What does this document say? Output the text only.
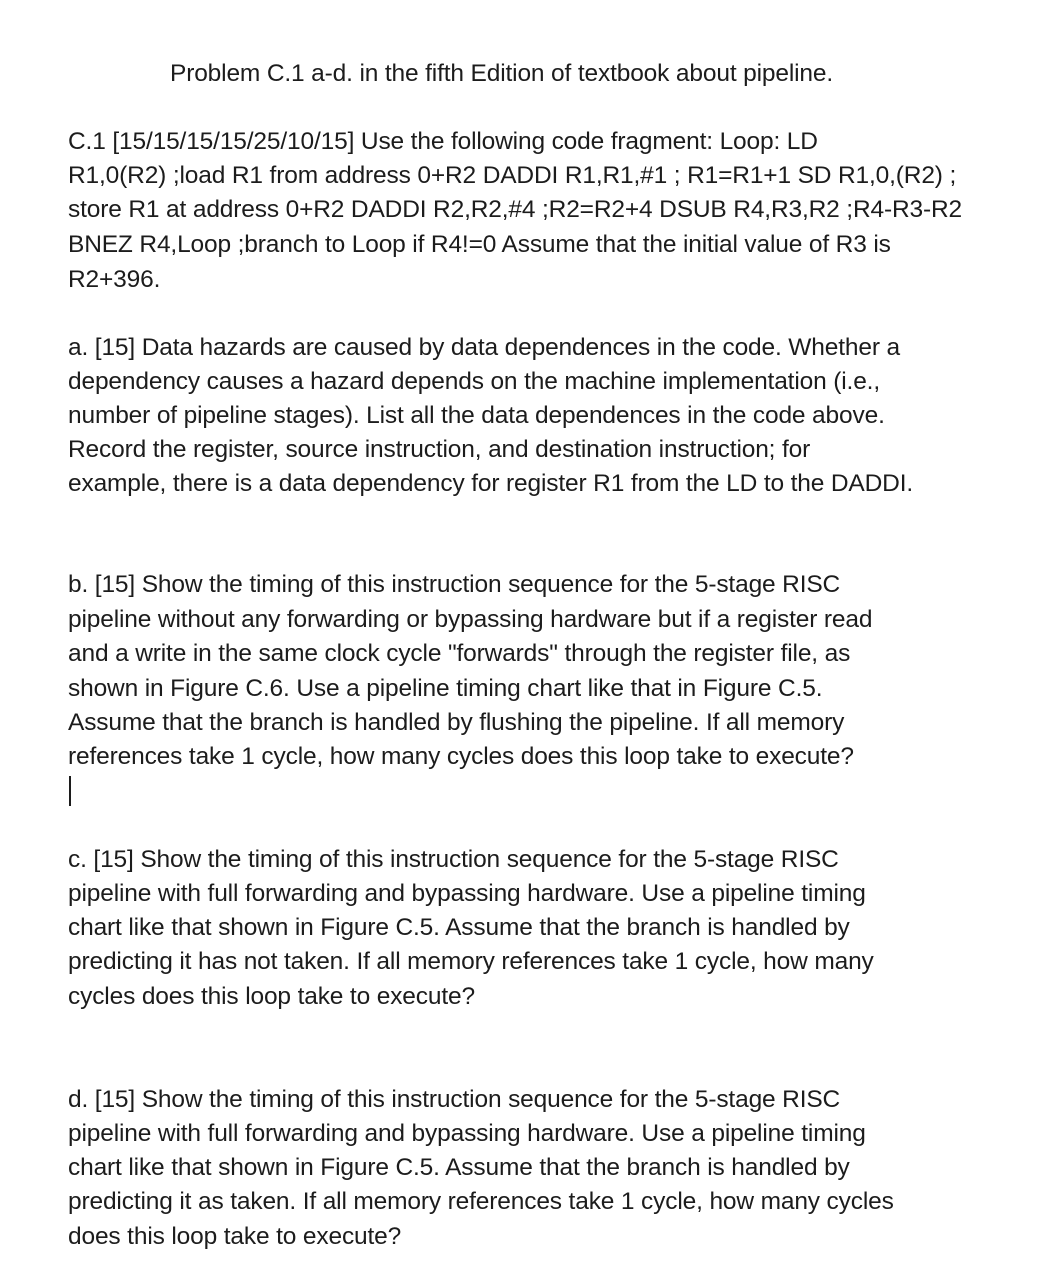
Problem C.1 a-d. in the fifth Edition of textbook about pipeline.
C.1 [15/15/15/15/25/10/15] Use the following code fragment: Loop: LD
R1,0(R2) ;load R1 from address 0+R2 DADDI R1,R1,#1 ; R1=R1+1 SD R1,0,(R2) ;
store R1 at address 0+R2 DADDI R2,R2,#4 ;R2=R2+4 DSUB R4,R3,R2 ;R4-R3-R2
BNEZ R4,Loop ;branch to Loop if R4!=0 Assume that the initial value of R3 is
R2+396.
a. [15] Data hazards are caused by data dependences in the code. Whether a
dependency causes a hazard depends on the machine implementation (i.e.,
number of pipeline stages). List all the data dependences in the code above.
Record the register, source instruction, and destination instruction; for
example, there is a data dependency for register R1 from the LD to the DADDI.
b. [15] Show the timing of this instruction sequence for the 5-stage RISC
pipeline without any forwarding or bypassing hardware but if a register read
and a write in the same clock cycle "forwards" through the register file, as
shown in Figure C.6. Use a pipeline timing chart like that in Figure C.5.
Assume that the branch is handled by flushing the pipeline. If all memory
references take 1 cycle, how many cycles does this loop take to execute?
c. [15] Show the timing of this instruction sequence for the 5-stage RISC
pipeline with full forwarding and bypassing hardware. Use a pipeline timing
chart like that shown in Figure C.5. Assume that the branch is handled by
predicting it has not taken. If all memory references take 1 cycle, how many
cycles does this loop take to execute?
d. [15] Show the timing of this instruction sequence for the 5-stage RISC
pipeline with full forwarding and bypassing hardware. Use a pipeline timing
chart like that shown in Figure C.5. Assume that the branch is handled by
predicting it as taken. If all memory references take 1 cycle, how many cycles
does this loop take to execute?
